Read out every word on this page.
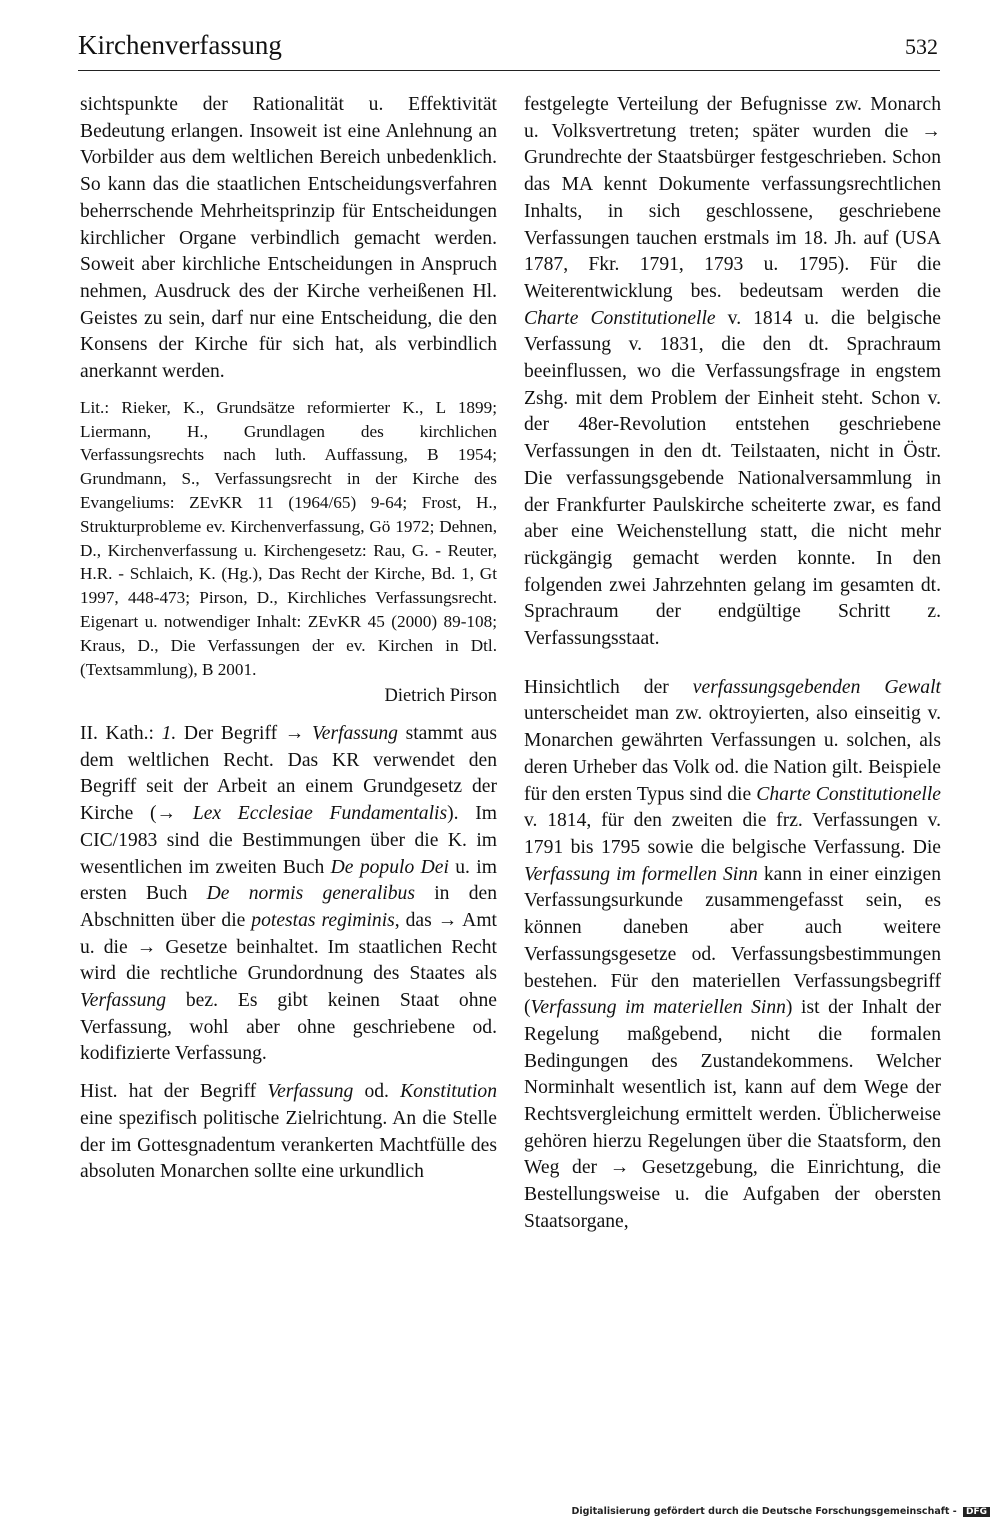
Kirchenverfassung	532

sichtspunkte der Rationalität u. Effektivität Bedeutung erlangen. Insoweit ist eine Anlehnung an Vorbilder aus dem weltlichen Bereich unbedenklich. So kann das die staatlichen Entscheidungsverfahren beherrschende Mehrheitsprinzip für Entscheidungen kirchlicher Organe verbindlich gemacht werden. Soweit aber kirchliche Entscheidungen in Anspruch nehmen, Ausdruck des der Kirche verheißenen Hl. Geistes zu sein, darf nur eine Entscheidung, die den Konsens der Kirche für sich hat, als verbindlich anerkannt werden.

Lit.: Rieker, K., Grundsätze reformierter K., L 1899; Liermann, H., Grundlagen des kirchlichen Verfassungsrechts nach luth. Auffassung, B 1954; Grundmann, S., Verfassungsrecht in der Kirche des Evangeliums: ZEvKR 11 (1964/65) 9-64; Frost, H., Strukturprobleme ev. Kirchenverfassung, Gö 1972; Dehnen, D., Kirchenverfassung u. Kirchengesetz: Rau, G. - Reuter, H.R. - Schlaich, K. (Hg.), Das Recht der Kirche, Bd. 1, Gt 1997, 448-473; Pirson, D., Kirchliches Verfassungsrecht. Eigenart u. notwendiger Inhalt: ZEvKR 45 (2000) 89-108; Kraus, D., Die Verfassungen der ev. Kirchen in Dtl. (Textsammlung), B 2001.

Dietrich Pirson

II. Kath.: 1. Der Begriff → Verfassung stammt aus dem weltlichen Recht. Das KR verwendet den Begriff seit der Arbeit an einem Grundgesetz der Kirche (→ Lex Ecclesiae Fundamentalis). Im CIC/1983 sind die Bestimmungen über die K. im wesentlichen im zweiten Buch De populo Dei u. im ersten Buch De normis generalibus in den Abschnitten über die potestas regiminis, das → Amt u. die → Gesetze beinhaltet. Im staatlichen Recht wird die rechtliche Grundordnung des Staates als Verfassung bez. Es gibt keinen Staat ohne Verfassung, wohl aber ohne geschriebene od. kodifizierte Verfassung.

Hist. hat der Begriff Verfassung od. Konstitution eine spezifisch politische Zielrichtung. An die Stelle der im Gottesgnadentum verankerten Machtfülle des absoluten Monarchen sollte eine urkundlich

festgelegte Verteilung der Befugnisse zw. Monarch u. Volksvertretung treten; später wurden die → Grundrechte der Staatsbürger festgeschrieben. Schon das MA kennt Dokumente verfassungsrechtlichen Inhalts, in sich geschlossene, geschriebene Verfassungen tauchen erstmals im 18. Jh. auf (USA 1787, Fkr. 1791, 1793 u. 1795). Für die Weiterentwicklung bes. bedeutsam werden die Charte Constitutionelle v. 1814 u. die belgische Verfassung v. 1831, die den dt. Sprachraum beeinflussen, wo die Verfassungsfrage in engstem Zshg. mit dem Problem der Einheit steht. Schon v. der 48er-Revolution entstehen geschriebene Verfassungen in den dt. Teilstaaten, nicht in Östr. Die verfassungsgebende Nationalversammlung in der Frankfurter Paulskirche scheiterte zwar, es fand aber eine Weichenstellung statt, die nicht mehr rückgängig gemacht werden konnte. In den folgenden zwei Jahrzehnten gelang im gesamten dt. Sprachraum der endgültige Schritt z. Verfassungsstaat.

Hinsichtlich der verfassungsgebenden Gewalt unterscheidet man zw. oktroyierten, also einseitig v. Monarchen gewährten Verfassungen u. solchen, als deren Urheber das Volk od. die Nation gilt. Beispiele für den ersten Typus sind die Charte Constitutionelle v. 1814, für den zweiten die frz. Verfassungen v. 1791 bis 1795 sowie die belgische Verfassung. Die Verfassung im formellen Sinn kann in einer einzigen Verfassungsurkunde zusammengefasst sein, es können daneben aber auch weitere Verfassungsgesetze od. Verfassungsbestimmungen bestehen. Für den materiellen Verfassungsbegriff (Verfassung im materiellen Sinn) ist der Inhalt der Regelung maßgebend, nicht die formalen Bedingungen des Zustandekommens. Welcher Norminhalt wesentlich ist, kann auf dem Wege der Rechtsvergleichung ermittelt werden. Üblicherweise gehören hierzu Regelungen über die Staatsform, den Weg der → Gesetzgebung, die Einrichtung, die Bestellungsweise u. die Aufgaben der obersten Staatsorgane,

Digitalisierung gefördert durch die Deutsche Forschungsgemeinschaft - DFG
